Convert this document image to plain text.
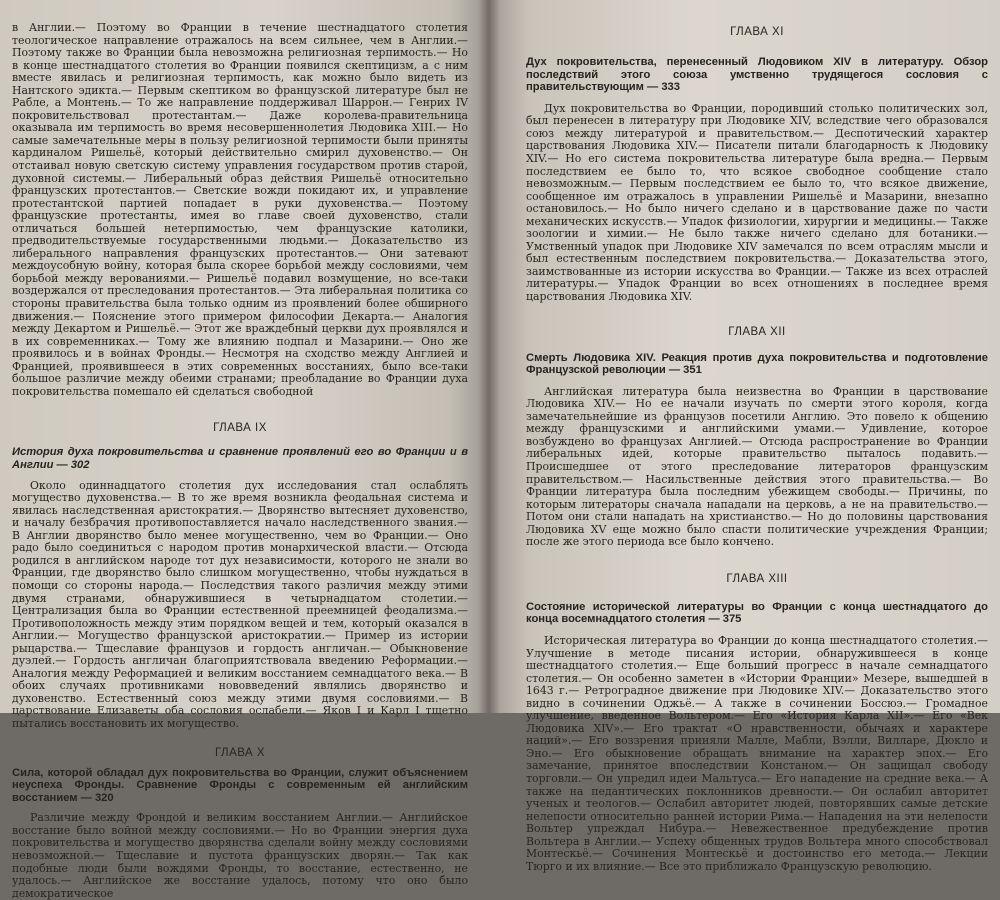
в Англии.— Поэтому во Франции в течение шестнадцатого столетия теологическое направление отражалось на всем сильнее, чем в Англии.— Поэтому также во Франции была невозможна религиозная терпимость.— Но в конце шестнадцатого столетия во Франции появился скептицизм, а с ним вместе явилась и религиозная терпимость, как можно было видеть из Нантского эдикта.— Первым скептиком во французской литературе был не Рабле, а Монтень.— То же направление поддерживал Шаррон.— Генрих IV покровительствовал протестантам.— Даже королева-правительница оказывала им терпимость во время несовершеннолетия Людовика XIII.— Но самые замечательные меры в пользу религиозной терпимости были приняты кардиналом Ришельё, который действительно смирил духовенство.— Он отстаивал новую светскую систему управления государством против старой, духовной системы.— Либеральный образ действия Ришельё относительно французских протестантов.— Светские вожди покидают их, и управление протестантской партией попадает в руки духовенства.— Поэтому французские протестанты, имея во главе своей духовенство, стали отличаться большей нетерпимостью, чем французские католики, предводительствуемые государственными людьми.— Доказательство из либерального направления французских протестантов.— Они затевают междоусобную войну, которая была скорее борьбой между сословиями, чем борьбой между верованиями.— Ришельё подавил возмущение, но все-таки воздержался от преследования протестантов.— Эта либеральная политика со стороны правительства была только одним из проявлений более обширного движения.— Пояснение этого примером философии Декарта.— Аналогия между Декартом и Ришельё.— Этот же враждебный церкви дух проявлялся и в их современниках.— Тому же влиянию подпал и Мазарини.— Оно же проявилось и в войнах Фронды.— Несмотря на сходство между Англией и Францией, проявившееся в этих современных восстаниях, было все-таки большое различие между обеими странами; преобладание во Франции духа покровительства помешало ей сделаться свободной

ГЛАВА IX

История духа покровительства и сравнение проявлений его во Франции и в Англии — 302

Около одиннадцатого столетия дух исследования стал ослаблять могущество духовенства.— В то же время возникла феодальная система и явилась наследственная аристократия.— Дворянство вытесняет духовенство, и началу безбрачия противопоставляется начало наследственного звания.— В Англии дворянство было менее могущественно, чем во Франции.— Оно радо было соединиться с народом против монархической власти.— Отсюда родился в английском народе тот дух независимости, которого не знали во Франции, где дворянство было слишком могущественно, чтобы нуждаться в помощи со стороны народа.— Последствия такого различия между этими двумя странами, обнаружившиеся в четырнадцатом столетии.— Централизация была во Франции естественной преемницей феодализма.— Противоположность между этим порядком вещей и тем, который оказался в Англии.— Могущество французской аристократии.— Пример из истории рыцарства.— Тщеславие французов и гордость англичан.— Обыкновение дуэлей.— Гордость англичан благоприятствовала введению Реформации.— Аналогия между Реформацией и великим восстанием семнадцатого века.— В обоих случаях противниками нововведений являлись дворянство и духовенство. Естественный союз между этими двумя сословиями.— В царствование Елизаветы оба сословия ослабели.— Яков I и Карл I тщетно пытались восстановить их могущество.

ГЛАВА X

Сила, которой обладал дух покровительства во Франции, служит объяснением неуспеха Фронды. Сравнение Фронды с современным ей английским восстанием — 320

Различие между Фрондой и великим восстанием Англии.— Английское восстание было войной между сословиями.— Но во Франции энергия духа покровительства и могущество дворянства сделали войну между сословиями невозможной.— Тщеславие и пустота французских дворян.— Так как подобные люди были вождями Фронды, то восстание, естественно, не удалось.— Английское же восстание удалось, потому что оно было демократическое

ГЛАВА XI

Дух покровительства, перенесенный Людовиком XIV в литературу. Обзор последствий этого союза умственно трудящегося сословия с правительствующим — 333

Дух покровительства во Франции, породивший столько политических зол, был перенесен в литературу при Людовике XIV, вследствие чего образовался союз между литературой и правительством.— Деспотический характер царствования Людовика XIV.— Писатели питали благодарность к Людовику XIV.— Но его система покровительства литературе была вредна.— Первым последствием ее было то, что всякое свободное сообщение стало невозможным.— Первым последствием ее было то, что всякое движение, сообщенное им отражалось в управлении Ришельё и Мазарини, внезапно остановилось.— Но было ничего сделано и в царствование даже по части механических искусств.— Упадок физиологии, хирургии и медицины.— Также зоологии и химии.— Не было также ничего сделано для ботаники.— Умственный упадок при Людовике XIV замечался по всем отраслям мысли и был естественным последствием покровительства.— Доказательства этого, заимствованные из истории искусства во Франции.— Также из всех отраслей литературы.— Упадок Франции во всех отношениях в последнее время царствования Людовика XIV.

ГЛАВА XII

Смерть Людовика XIV. Реакция против духа покровительства и подготовление Французской революции — 351

Английская литература была неизвестна во Франции в царствование Людовика XIV.— Но ее начали изучать по смерти этого короля, когда замечательнейшие из французов посетили Англию. Это повело к общению между французскими и английскими умами.— Удивление, которое возбуждено во французах Англией.— Отсюда распространение во Франции либеральных идей, которые правительство пыталось подавить.— Происшедшее от этого преследование литераторов французским правительством.— Насильственные действия этого правительства.— Во Франции литература была последним убежищем свободы.— Причины, по которым литераторы сначала нападали на церковь, а не на правительство.— Потом они стали нападать на христианство.— Но до половины царствования Людовика XV еще можно было спасти политические учреждения Франции; после же этого периода все было кончено.

ГЛАВА XIII

Состояние исторической литературы во Франции с конца шестнадцатого до конца восемнадцатого столетия — 375

Историческая литература во Франции до конца шестнадцатого столетия.— Улучшение в методе писания истории, обнаружившееся в конце шестнадцатого столетия.— Еще больший прогресс в начале семнадцатого столетия.— Он особенно заметен в «Истории Франции» Мезере, вышедшей в 1643 г.— Ретроградное движение при Людовике XIV.— Доказательство этого видно в сочинении Оджьё.— А также в сочинении Боссюэ.— Громадное улучшение, введенное Вольтером.— Его «История Карла XII».— Его «Век Людовика XIV».— Его трактат «О нравственности, обычаях и характере наций».— Его воззрения приняли Малле, Мабли, Вэлли, Вилларе, Дюкло и Эно.— Его обыкновение обращать внимание на характер эпох.— Его замечание, принятое впоследствии Констаном.— Он защищал свободу торговли.— Он упредил идеи Мальтуса.— Его нападение на средние века.— А также на педантических поклонников древности.— Он ослабил авторитет ученых и теологов.— Ослабил авторитет людей, повторявших самые детские нелепости относительно ранней истории Рима.— Нападения на эти нелепости Вольтер упреждал Нибура.— Невежественное предубеждение против Вольтера в Англии.— Успеху общенных трудов Вольтера много способствовал Монтескьё.— Сочинения Монтескьё и достоинство его метода.— Лекции Тюрго и их влияние.— Все это приближало Французскую революцию.
